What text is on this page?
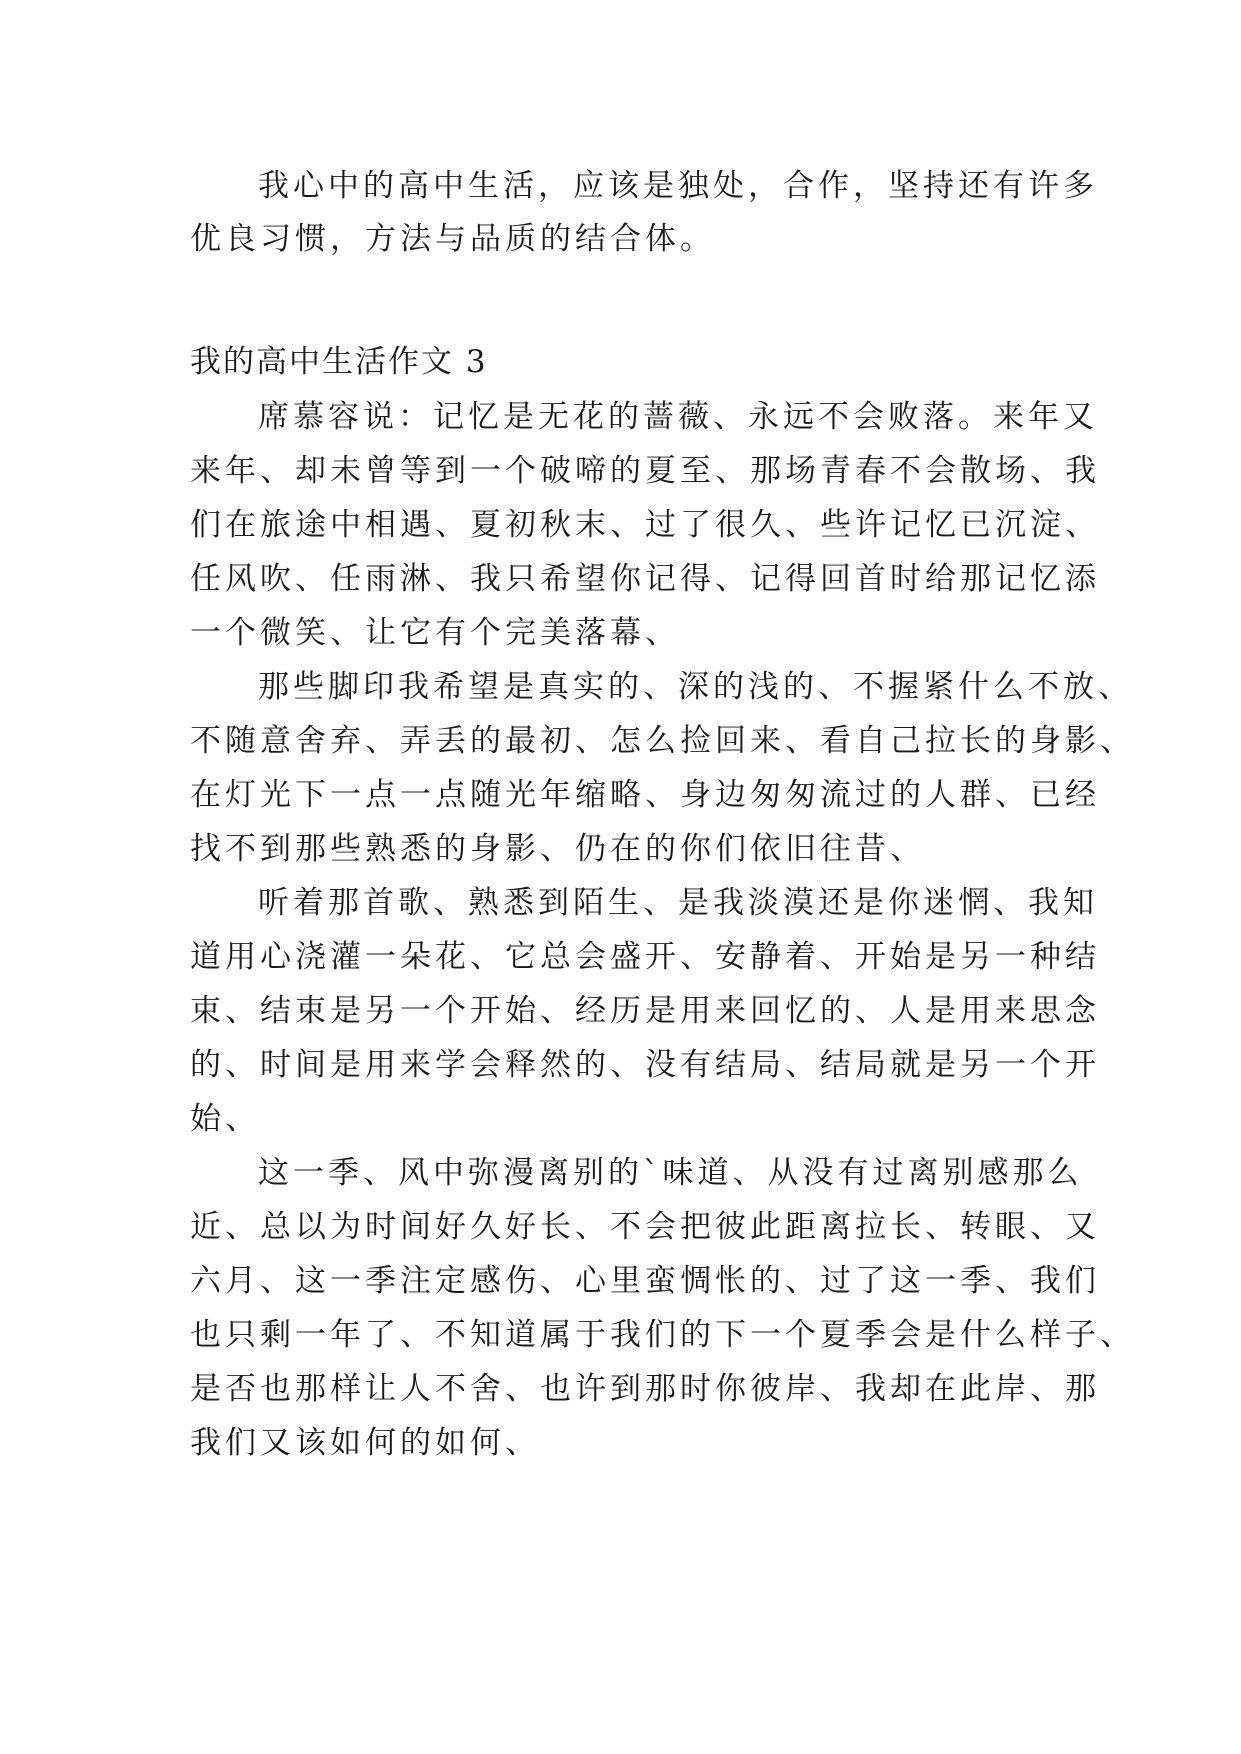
我心中的高中生活，应该是独处，合作，坚持还有许多

优良习惯，方法与品质的结合体。

我的高中生活作文 3

席慕容说：记忆是无花的蔷薇、永远不会败落。来年又

来年、却未曾等到一个破啼的夏至、那场青春不会散场、我

们在旅途中相遇、夏初秋末、过了很久、些许记忆已沉淀、

任风吹、任雨淋、我只希望你记得、记得回首时给那记忆添

一个微笑、让它有个完美落幕、

那些脚印我希望是真实的、深的浅的、不握紧什么不放、

不随意舍弃、弄丢的最初、怎么捡回来、看自己拉长的身影、

在灯光下一点一点随光年缩略、身边匆匆流过的人群、已经

找不到那些熟悉的身影、仍在的你们依旧往昔、

听着那首歌、熟悉到陌生、是我淡漠还是你迷惘、我知

道用心浇灌一朵花、它总会盛开、安静着、开始是另一种结

束、结束是另一个开始、经历是用来回忆的、人是用来思念

的、时间是用来学会释然的、没有结局、结局就是另一个开

始、

这一季、风中弥漫离别的`味道、从没有过离别感那么

近、总以为时间好久好长、不会把彼此距离拉长、转眼、又

六月、这一季注定感伤、心里蛮惆怅的、过了这一季、我们

也只剩一年了、不知道属于我们的下一个夏季会是什么样子、

是否也那样让人不舍、也许到那时你彼岸、我却在此岸、那

我们又该如何的如何、
